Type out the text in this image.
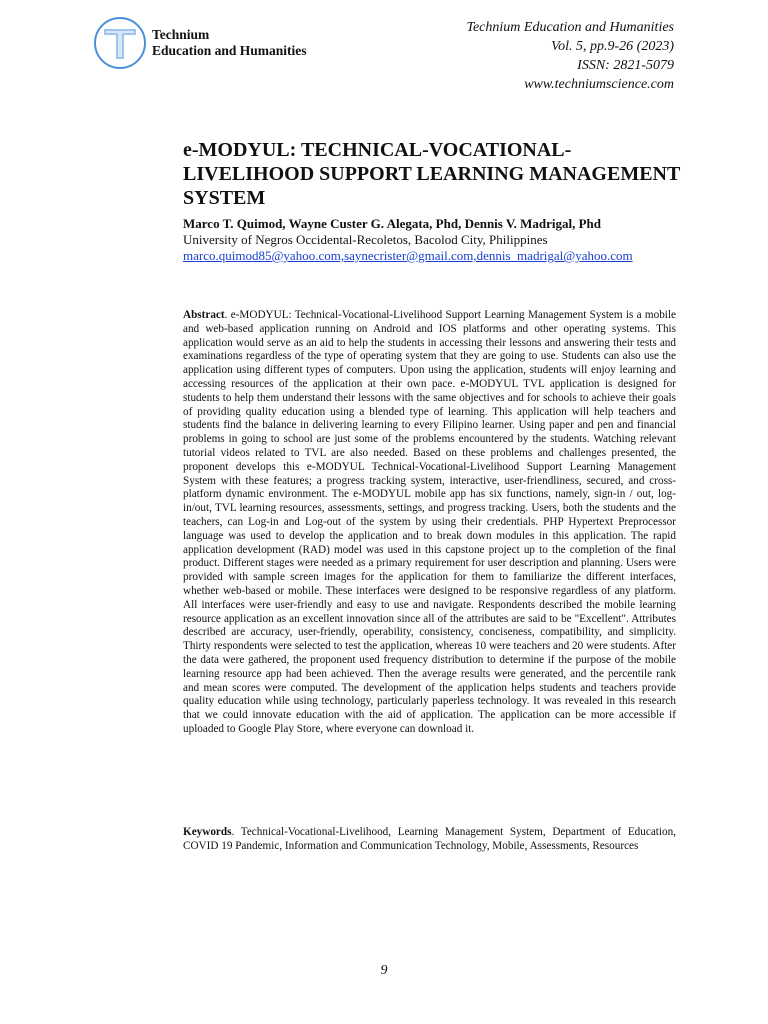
Technium
Education and Humanities
Technium Education and Humanities
Vol. 5, pp.9-26 (2023)
ISSN: 2821-5079
www.techniumscience.com
e-MODYUL: TECHNICAL-VOCATIONAL-LIVELIHOOD SUPPORT LEARNING MANAGEMENT SYSTEM
Marco T. Quimod, Wayne Custer G. Alegata, Phd, Dennis V. Madrigal, Phd
University of Negros Occidental-Recoletos, Bacolod City, Philippines
marco.quimod85@yahoo.com,saynecrister@gmail.com,dennis_madrigal@yahoo.com

Abstract. e-MODYUL: Technical-Vocational-Livelihood Support Learning Management System is a mobile and web-based application running on Android and IOS platforms and other operating systems. This application would serve as an aid to help the students in accessing their lessons and answering their tests and examinations regardless of the type of operating system that they are going to use. Students can also use the application using different types of computers. Upon using the application, students will enjoy learning and accessing resources of the application at their own pace. e-MODYUL TVL application is designed for students to help them understand their lessons with the same objectives and for schools to achieve their goals of providing quality education using a blended type of learning. This application will help teachers and students find the balance in delivering learning to every Filipino learner. Using paper and pen and financial problems in going to school are just some of the problems encountered by the students. Watching relevant tutorial videos related to TVL are also needed. Based on these problems and challenges presented, the proponent develops this e-MODYUL Technical-Vocational-Livelihood Support Learning Management System with these features; a progress tracking system, interactive, user-friendliness, secured, and cross-platform dynamic environment. The e-MODYUL mobile app has six functions, namely, sign-in / out, log-in/out, TVL learning resources, assessments, settings, and progress tracking. Users, both the students and the teachers, can Log-in and Log-out of the system by using their credentials. PHP Hypertext Preprocessor language was used to develop the application and to break down modules in this application. The rapid application development (RAD) model was used in this capstone project up to the completion of the final product. Different stages were needed as a primary requirement for user description and planning. Users were provided with sample screen images for the application for them to familiarize the different interfaces, whether web-based or mobile. These interfaces were designed to be responsive regardless of any platform. All interfaces were user-friendly and easy to use and navigate. Respondents described the mobile learning resource application as an excellent innovation since all of the attributes are said to be "Excellent". Attributes described are accuracy, user-friendly, operability, consistency, conciseness, compatibility, and simplicity. Thirty respondents were selected to test the application, whereas 10 were teachers and 20 were students. After the data were gathered, the proponent used frequency distribution to determine if the purpose of the mobile learning resource app had been achieved. Then the average results were generated, and the percentile rank and mean scores were computed. The development of the application helps students and teachers provide quality education while using technology, particularly paperless technology. It was revealed in this research that we could innovate education with the aid of application. The application can be more accessible if uploaded to Google Play Store, where everyone can download it.

Keywords. Technical-Vocational-Livelihood, Learning Management System, Department of Education, COVID 19 Pandemic, Information and Communication Technology, Mobile, Assessments, Resources

9
